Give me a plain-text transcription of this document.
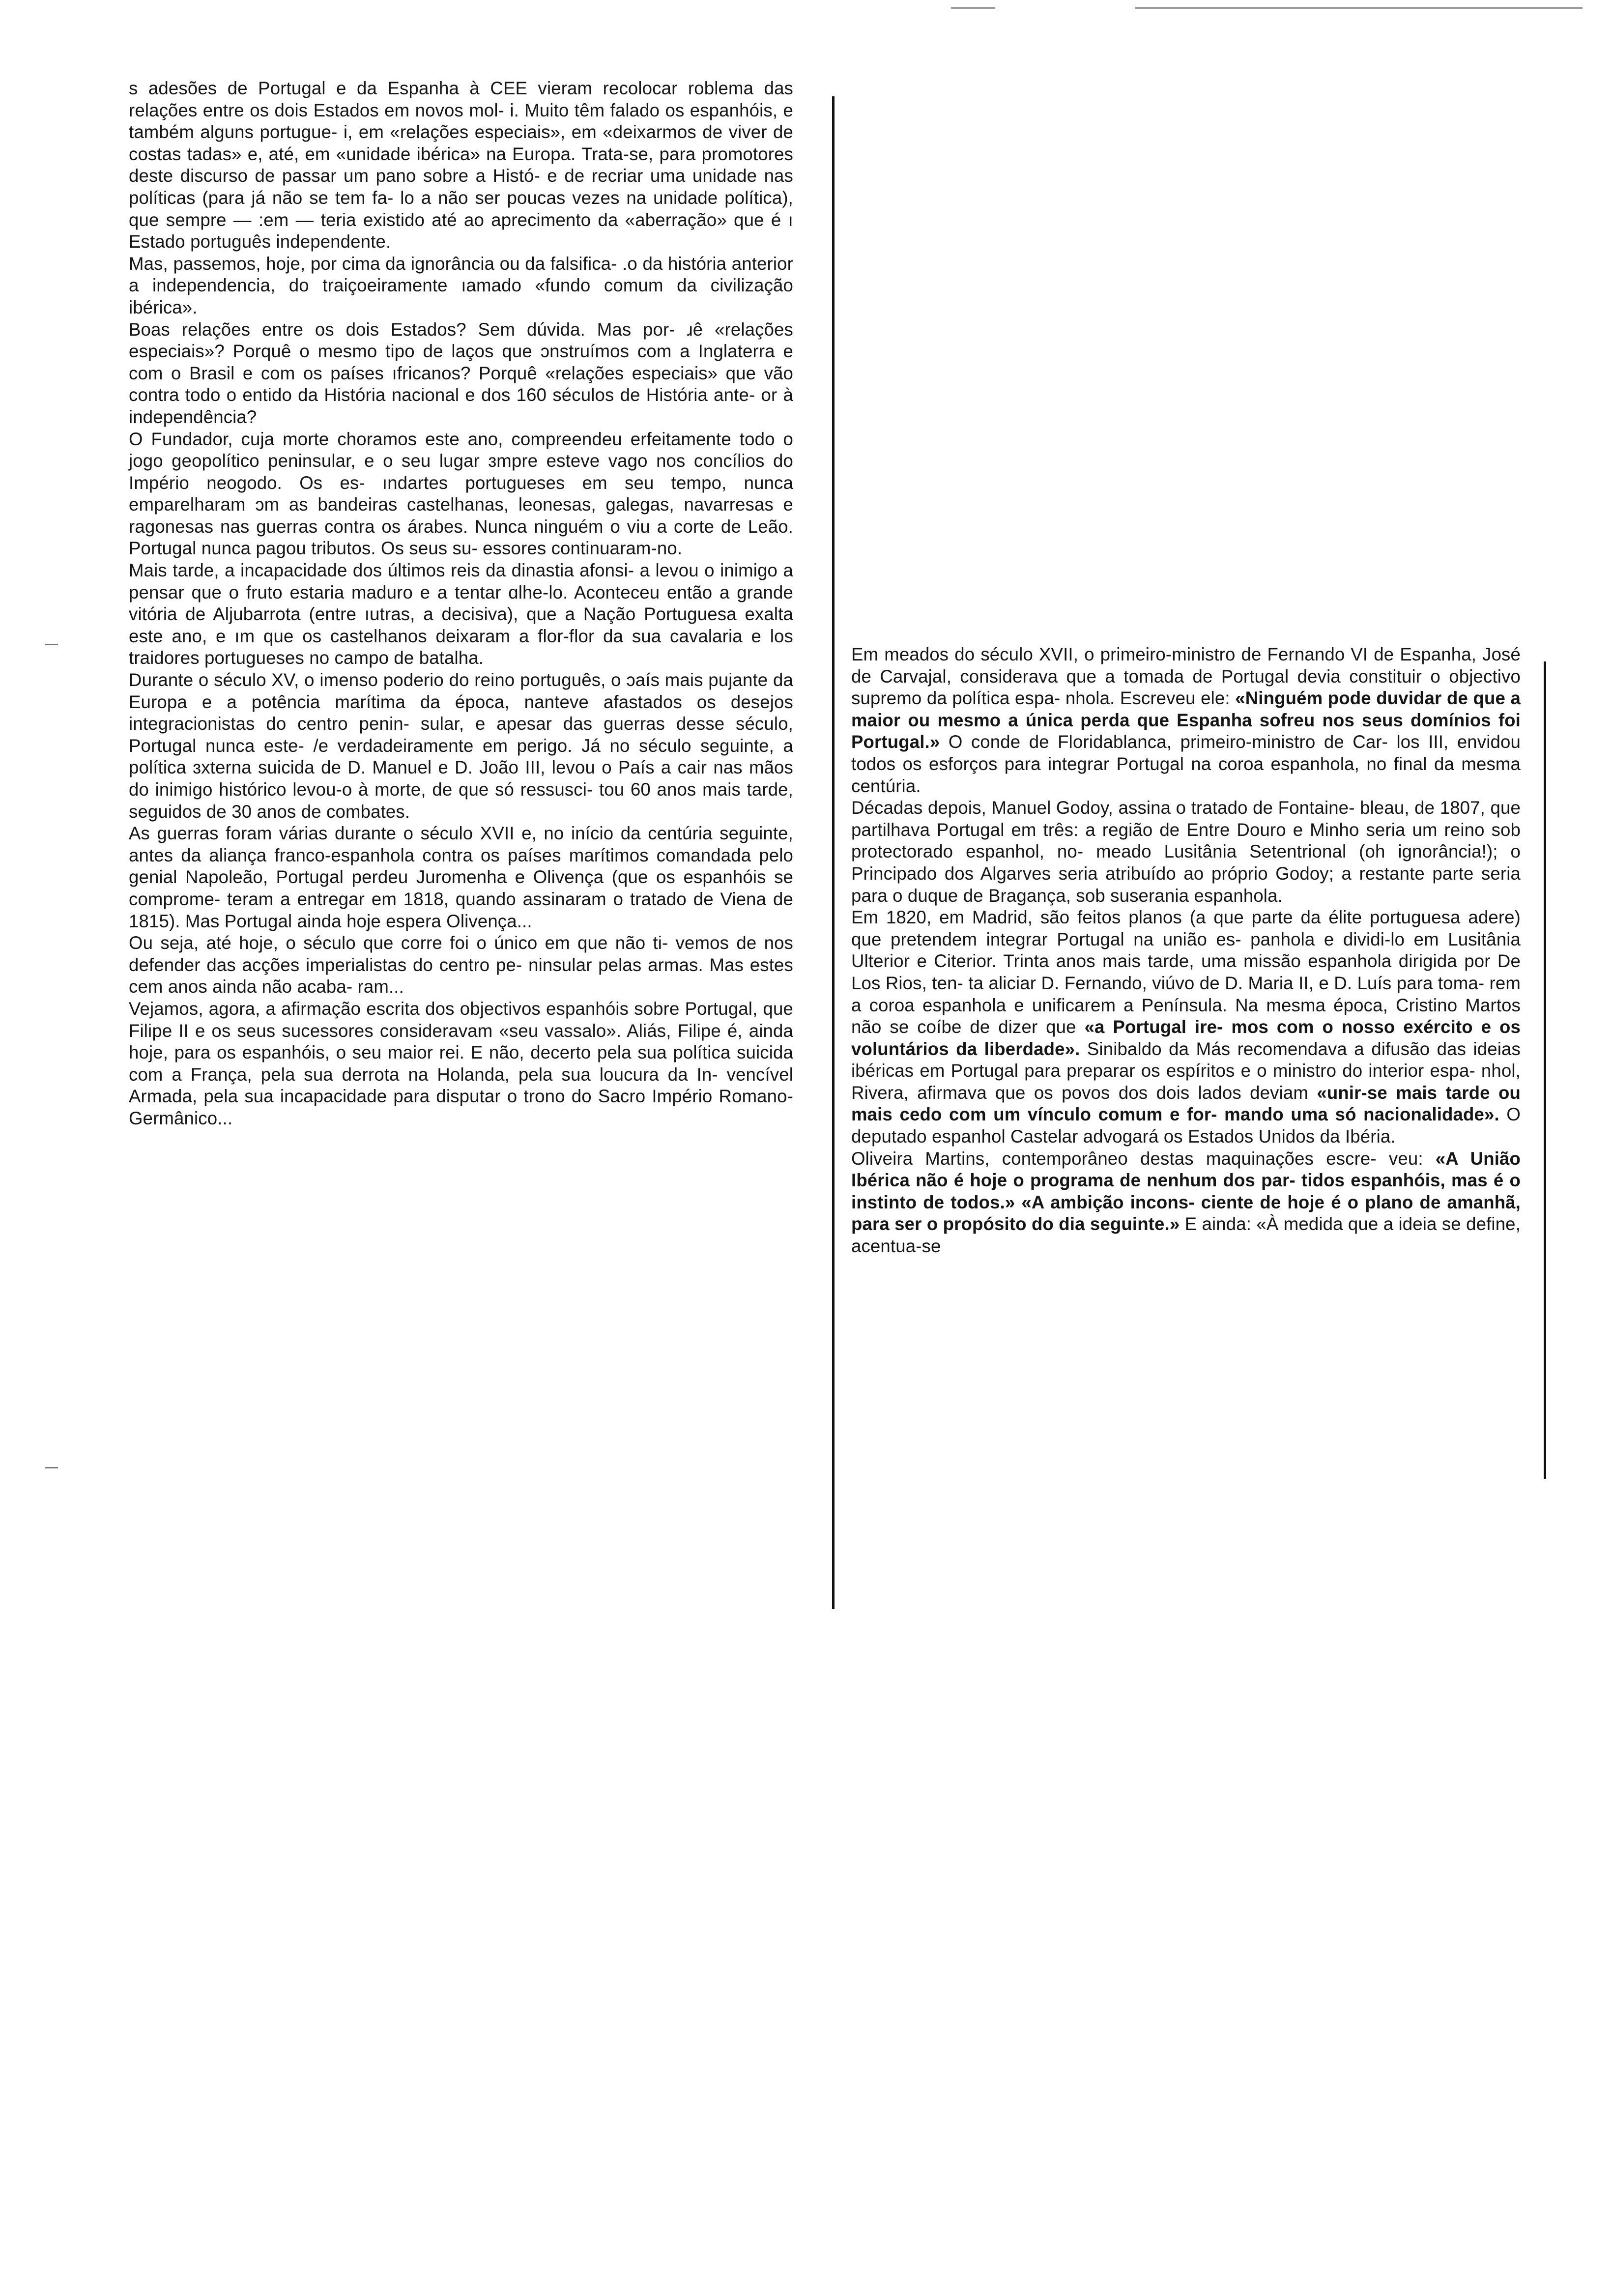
s adesões de Portugal e da Espanha à CEE vieram recolocar roblema das relações entre os dois Estados em novos mol- i. Muito têm falado os espanhóis, e também alguns portugue- i, em «relações especiais», em «deixarmos de viver de costas tadas» e, até, em «unidade ibérica» na Europa. Trata-se, para promotores deste discurso de passar um pano sobre a Histó- e de recriar uma unidade nas políticas (para já não se tem fa- lo a não ser poucas vezes na unidade política), que sempre — :em — teria existido até ao aprecimento da «aberração» que é ı Estado português independente.

Mas, passemos, hoje, por cima da ignorância ou da falsifica- .o da história anterior a independencia, do traiçoeiramente ıamado «fundo comum da civilização ibérica».

Boas relações entre os dois Estados? Sem dúvida. Mas por- ɹê «relações especiais»? Porquê o mesmo tipo de laços que ɔnstruímos com a Inglaterra e com o Brasil e com os países ıfricanos? Porquê «relações especiais» que vão contra todo o entido da História nacional e dos 160 séculos de História ante- or à independência?

O Fundador, cuja morte choramos este ano, compreendeu erfeitamente todo o jogo geopolítico peninsular, e o seu lugar ɜmpre esteve vago nos concílios do Império neogodo. Os es- ındartes portugueses em seu tempo, nunca emparelharam ɔm as bandeiras castelhanas, leonesas, galegas, navarresas e ragonesas nas guerras contra os árabes. Nunca ninguém o viu a corte de Leão. Portugal nunca pagou tributos. Os seus su- essores continuaram-no.

Mais tarde, a incapacidade dos últimos reis da dinastia afonsi- a levou o inimigo a pensar que o fruto estaria maduro e a tentar ɑlhe-lo. Aconteceu então a grande vitória de Aljubarrota (entre ıutras, a decisiva), que a Nação Portuguesa exalta este ano, e ım que os castelhanos deixaram a flor-flor da sua cavalaria e los traidores portugueses no campo de batalha.

Durante o século XV, o imenso poderio do reino português, o ɔaís mais pujante da Europa e a potência marítima da época, nanteve afastados os desejos integracionistas do centro penin- sular, e apesar das guerras desse século, Portugal nunca este- /e verdadeiramente em perigo. Já no século seguinte, a política ɜxterna suicida de D. Manuel e D. João III, levou o País a cair nas mãos do inimigo histórico levou-o à morte, de que só ressusci- tou 60 anos mais tarde, seguidos de 30 anos de combates.

As guerras foram várias durante o século XVII e, no início da centúria seguinte, antes da aliança franco-espanhola contra os países marítimos comandada pelo genial Napoleão, Portugal perdeu Juromenha e Olivença (que os espanhóis se comprome- teram a entregar em 1818, quando assinaram o tratado de Viena de 1815). Mas Portugal ainda hoje espera Olivença...

Ou seja, até hoje, o século que corre foi o único em que não ti- vemos de nos defender das acções imperialistas do centro pe- ninsular pelas armas. Mas estes cem anos ainda não acaba- ram...

Vejamos, agora, a afirmação escrita dos objectivos espanhóis sobre Portugal, que Filipe II e os seus sucessores consideravam «seu vassalo». Aliás, Filipe é, ainda hoje, para os espanhóis, o seu maior rei. E não, decerto pela sua política suicida com a França, pela sua derrota na Holanda, pela sua loucura da In- vencível Armada, pela sua incapacidade para disputar o trono do Sacro Império Romano-Germânico...

Em meados do século XVII, o primeiro-ministro de Fernando VI de Espanha, José de Carvajal, considerava que a tomada de Portugal devia constituir o objectivo supremo da política espa- nhola. Escreveu ele: «Ninguém pode duvidar de que a maior ou mesmo a única perda que Espanha sofreu nos seus domínios foi Portugal.» O conde de Floridablanca, primeiro-ministro de Car- los III, envidou todos os esforços para integrar Portugal na coroa espanhola, no final da mesma centúria.

Décadas depois, Manuel Godoy, assina o tratado de Fontaine- bleau, de 1807, que partilhava Portugal em três: a região de Entre Douro e Minho seria um reino sob protectorado espanhol, no- meado Lusitânia Setentrional (oh ignorância!); o Principado dos Algarves seria atribuído ao próprio Godoy; a restante parte seria para o duque de Bragança, sob suserania espanhola.

Em 1820, em Madrid, são feitos planos (a que parte da élite portuguesa adere) que pretendem integrar Portugal na união es- panhola e dividi-lo em Lusitânia Ulterior e Citerior. Trinta anos mais tarde, uma missão espanhola dirigida por De Los Rios, ten- ta aliciar D. Fernando, viúvo de D. Maria II, e D. Luís para toma- rem a coroa espanhola e unificarem a Península. Na mesma época, Cristino Martos não se coíbe de dizer que «a Portugal ire- mos com o nosso exército e os voluntários da liberdade». Sinibaldo da Más recomendava a difusão das ideias ibéricas em Portugal para preparar os espíritos e o ministro do interior espa- nhol, Rivera, afirmava que os povos dos dois lados deviam «unir-se mais tarde ou mais cedo com um vínculo comum e for- mando uma só nacionalidade». O deputado espanhol Castelar advogará os Estados Unidos da Ibéria.

Oliveira Martins, contemporâneo destas maquinações escre- veu: «A União Ibérica não é hoje o programa de nenhum dos par- tidos espanhóis, mas é o instinto de todos.» «A ambição incons- ciente de hoje é o plano de amanhã, para ser o propósito do dia seguinte.» E ainda: «À medida que a ideia se define, acentua-se
